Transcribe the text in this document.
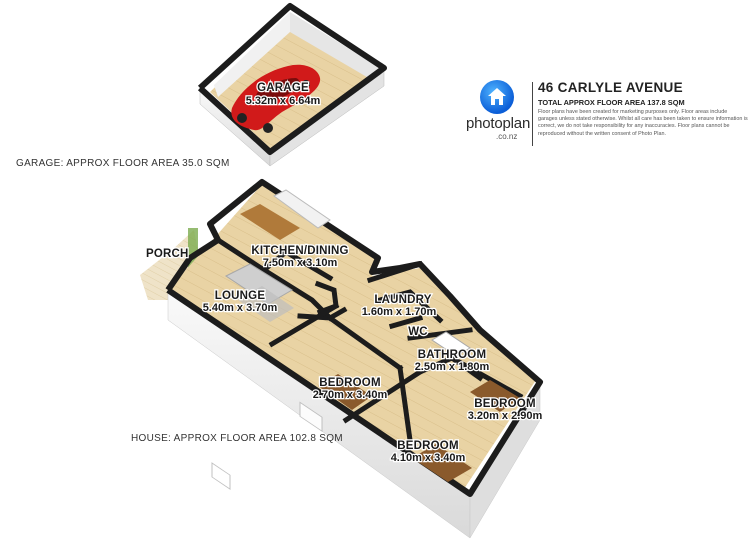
GARAGE
5.32m x 6.64m
PORCH	KITCHEN/DINING
7.50m x 3.10m
LOUNGE
5.40m x 3.70m
LAUNDRY
1.60m x 1.70m
WC
BATHROOM
2.50m x 1.80m
BEDROOM
2.70m x 3.40m
BEDROOM
3.20m x 2.90m
BEDROOM
4.10m x 3.40m
GARAGE: APPROX FLOOR AREA 35.0 SQM
HOUSE: APPROX FLOOR AREA 102.8 SQM
photoplan
.co.nz
46 CARLYLE AVENUE
TOTAL APPROX FLOOR AREA 137.8 SQM
Floor plans have been created for marketing purposes only. Floor areas include garages unless stated otherwise. Whilst all care has been taken to ensure information is correct, we do not take responsibility for any inaccuracies. Floor plans cannot be reproduced without the written consent of Photo Plan.
